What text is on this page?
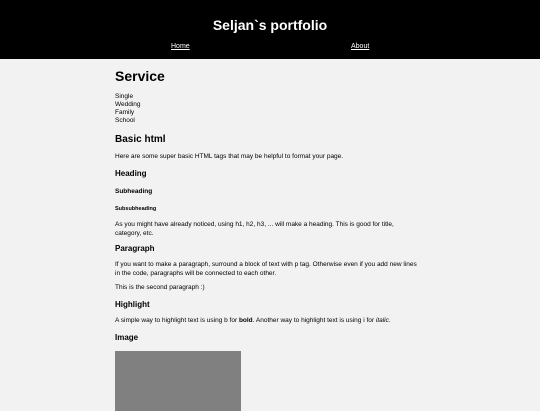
Seljan`s portfolio
Home	About
Service
Single
Wedding
Family
School
Basic html

Here are some super basic HTML tags that may be helpful to format your page.

Heading
Subheading
Subsubheading

As you might have already noticed, using h1, h2, h3, ... will make a heading. This is good for title, category, etc.

Paragraph

If you want to make a paragraph, surround a block of text with p tag. Otherwise even if you add new lines in the code, paragraphs will be connected to each other.

This is the second paragraph :)

Highlight

A simple way to highlight text is using b for bold. Another way to highlight text is using i for italic.

Image
